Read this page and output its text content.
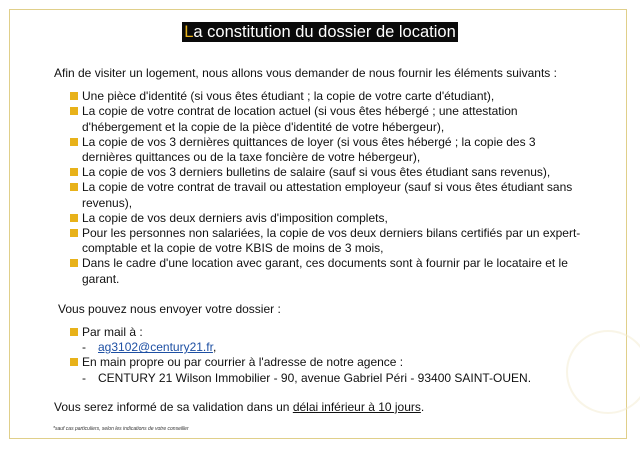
La constitution du dossier de location

Afin de visiter un logement, nous allons vous demander de nous fournir les éléments suivants :

Une pièce d'identité (si vous êtes étudiant ; la copie de votre carte d'étudiant),
La copie de votre contrat de location actuel (si vous êtes hébergé ; une attestation d'hébergement et la copie de la pièce d'identité de votre hébergeur),
La copie de vos 3 dernières quittances de loyer (si vous êtes hébergé ; la copie des 3 dernières quittances ou de la taxe foncière de votre hébergeur),
La copie de vos 3 derniers bulletins de salaire (sauf si vous êtes étudiant sans revenus),
La copie de votre contrat de travail ou attestation employeur (sauf si vous êtes étudiant sans revenus),
La copie de vos deux derniers avis d'imposition complets,
Pour les personnes non salariées, la copie de vos deux derniers bilans certifiés par un expert-comptable et la copie de votre KBIS de moins de 3 mois,
Dans le cadre d'une location avec garant, ces documents sont à fournir par le locataire et le garant.

Vous pouvez nous envoyer votre dossier :

Par mail à :
-	ag3102@century21.fr,
En main propre ou par courrier à l'adresse de notre agence :
-	CENTURY 21 Wilson Immobilier - 90, avenue Gabriel Péri - 93400 SAINT-OUEN.

Vous serez informé de sa validation dans un délai inférieur à 10 jours.

*sauf cas particuliers, selon les indications de votre conseiller
